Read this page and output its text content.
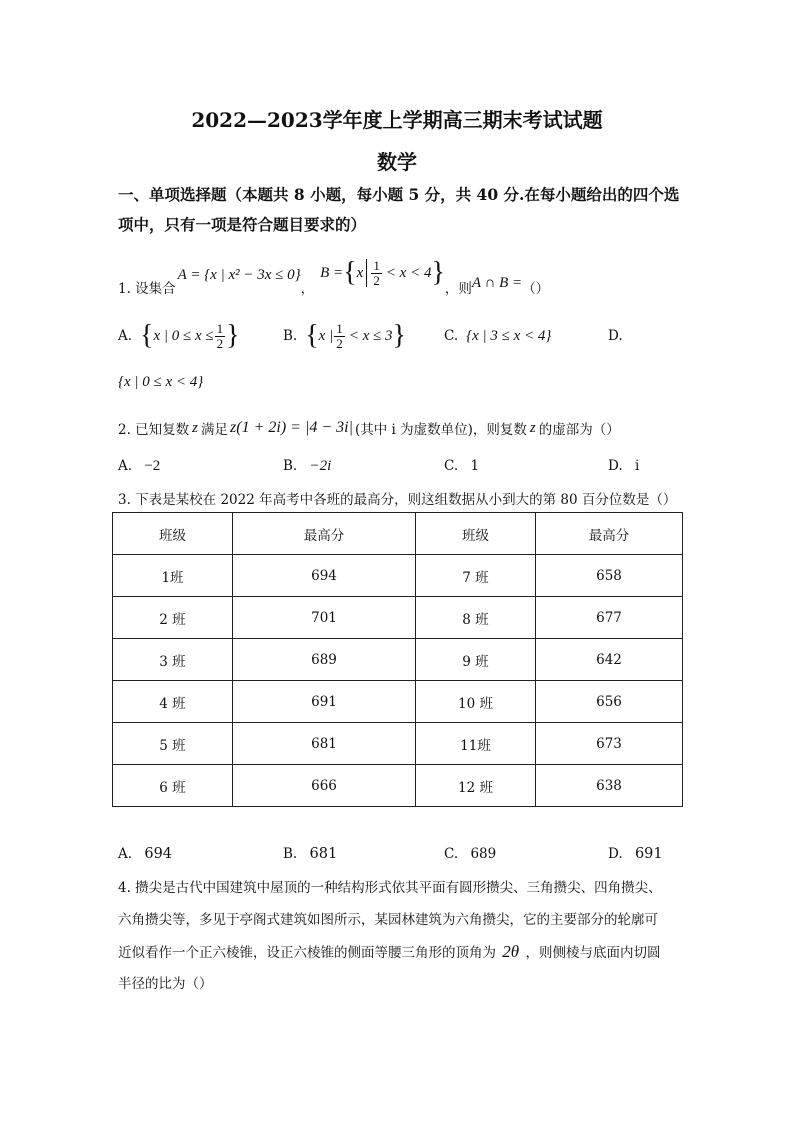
2022—2023学年度上学期高三期末考试试题
数学
一、单项选择题（本题共 8 小题，每小题 5 分，共 40 分.在每小题给出的四个选
项中，只有一项是符合题目要求的）
1. 设集合
A = {x | x² − 3x ≤ 0}
，
B = { x $\frac{1}{2} < x < 4$ }
，则 A ∩ B = （）
A. { x | $0 \le x \le \frac{1}{2}$ }	B. { x | $\frac{1}{2} < x \le 3$ }	C. {x | 3 ≤ x < 4}	D.
{x | 0 ≤ x < 4}
2. 已知复数 z 满足 z(1 + 2i) = |4 − 3i| (其中 i 为虚数单位)，则复数 z 的虚部为（）
A. −2	B. −2i	C. 1	D. i
3. 下表是某校在 2022 年高考中各班的最高分，则这组数据从小到大的第 80 百分位数是（）
班级	最高分	班级	最高分
1班	694	7 班	658
2 班	701	8 班	677
3 班	689	9 班	642
4 班	691	10 班	656
5 班	681	11班	673
6 班	666	12 班	638
A. 694	B. 681	C. 689	D. 691
4. 攒尖是古代中国建筑中屋顶的一种结构形式依其平面有圆形攒尖、三角攒尖、四角攒尖、
六角攒尖等，多见于亭阁式建筑如图所示，某园林建筑为六角攒尖，它的主要部分的轮廓可
近似看作一个正六棱锥，设正六棱锥的侧面等腰三角形的顶角为 2θ ，则侧棱与底面内切圆
半径的比为（）
